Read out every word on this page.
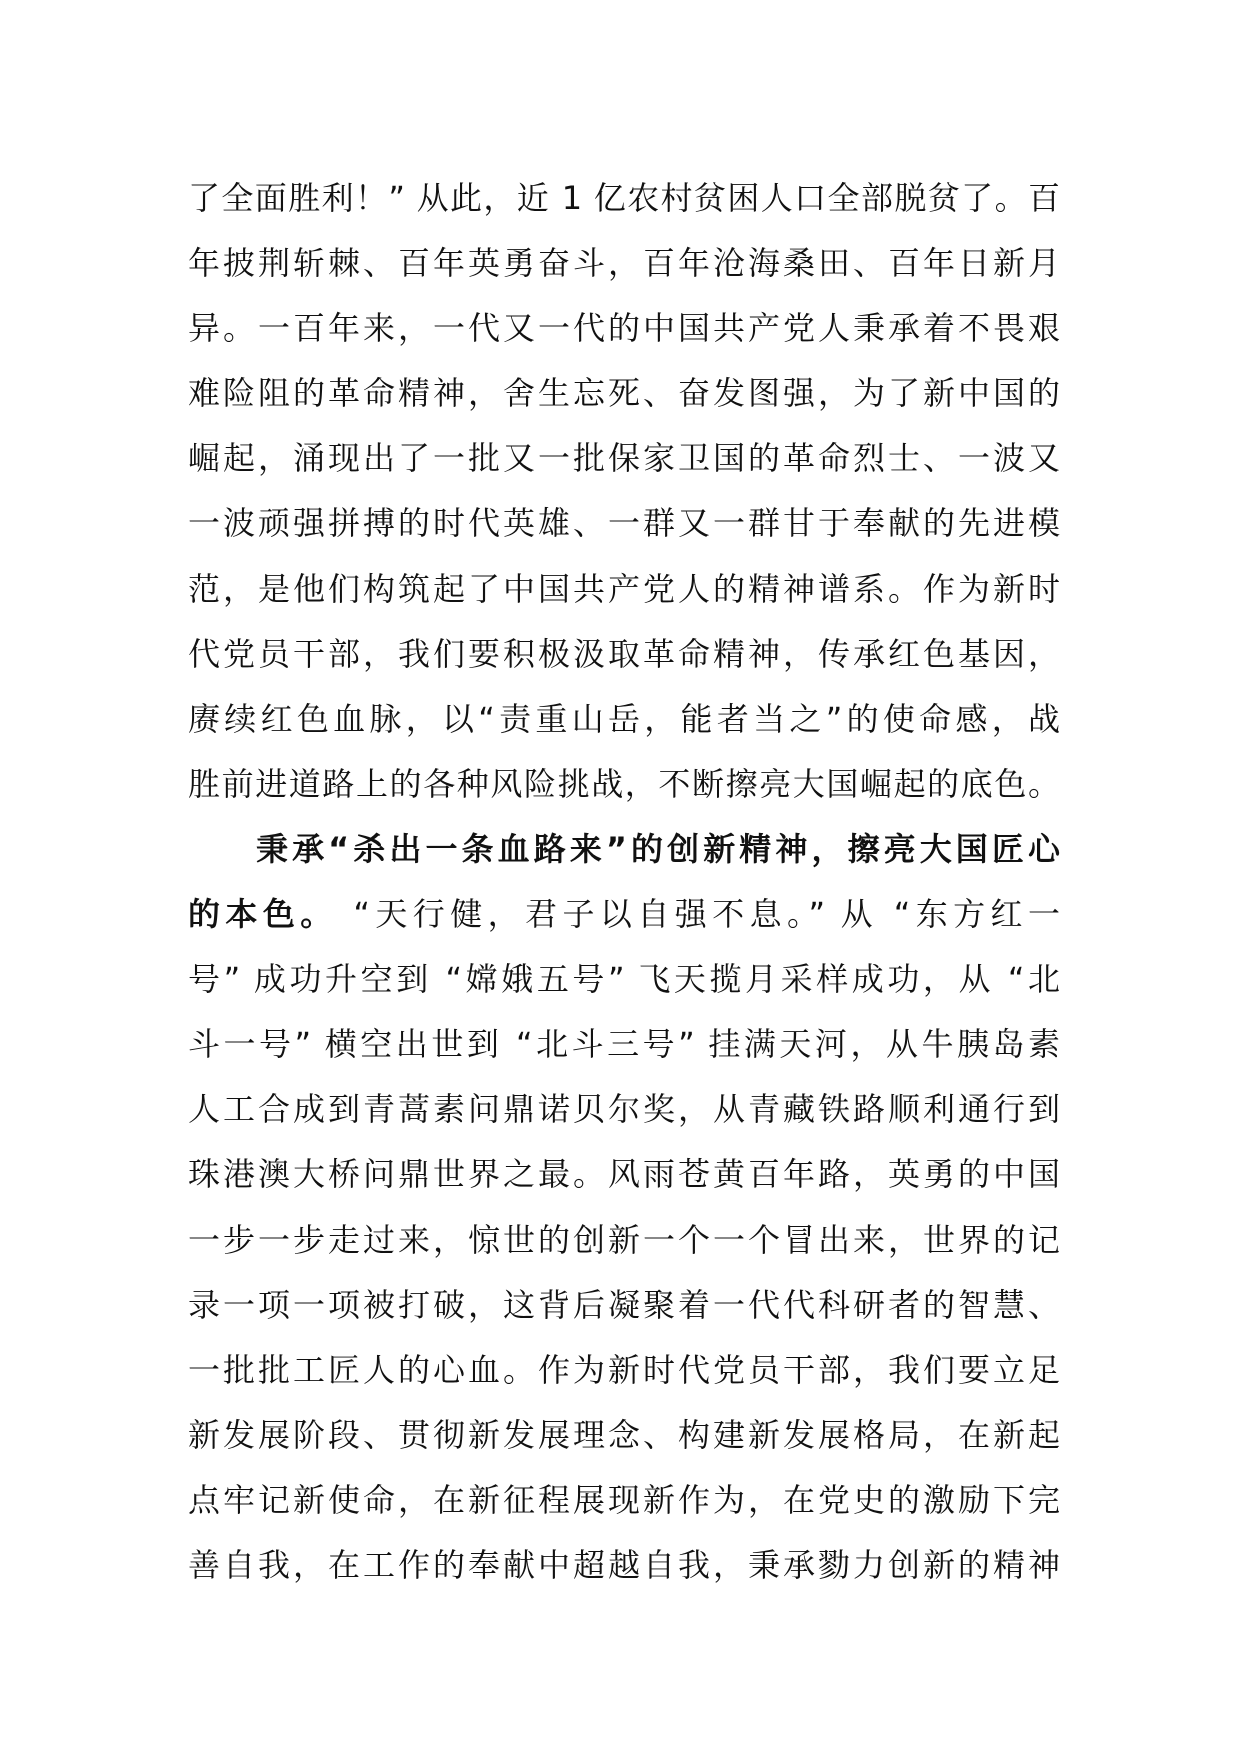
了全面胜利！” 从此，近 1 亿农村贫困人口全部脱贫了。百
年披荆斩棘、百年英勇奋斗，百年沧海桑田、百年日新月
异。一百年来，一代又一代的中国共产党人秉承着不畏艰
难险阻的革命精神，舍生忘死、奋发图强，为了新中国的
崛起，涌现出了一批又一批保家卫国的革命烈士、一波又
一波顽强拼搏的时代英雄、一群又一群甘于奉献的先进模
范，是他们构筑起了中国共产党人的精神谱系。作为新时
代党员干部，我们要积极汲取革命精神，传承红色基因，
赓续红色血脉，以“责重山岳，能者当之”的使命感，战
胜前进道路上的各种风险挑战，不断擦亮大国崛起的底色。
秉承“杀出一条血路来”的创新精神，擦亮大国匠心
的本色。 “天行健，君子以自强不息。” 从 “东方红一
号” 成功升空到 “嫦娥五号” 飞天揽月采样成功，从 “北
斗一号” 横空出世到 “北斗三号” 挂满天河，从牛胰岛素
人工合成到青蒿素问鼎诺贝尔奖，从青藏铁路顺利通行到
珠港澳大桥问鼎世界之最。风雨苍黄百年路，英勇的中国
一步一步走过来，惊世的创新一个一个冒出来，世界的记
录一项一项被打破，这背后凝聚着一代代科研者的智慧、
一批批工匠人的心血。作为新时代党员干部，我们要立足
新发展阶段、贯彻新发展理念、构建新发展格局，在新起
点牢记新使命，在新征程展现新作为，在党史的激励下完
善自我，在工作的奉献中超越自我，秉承勠力创新的精神
